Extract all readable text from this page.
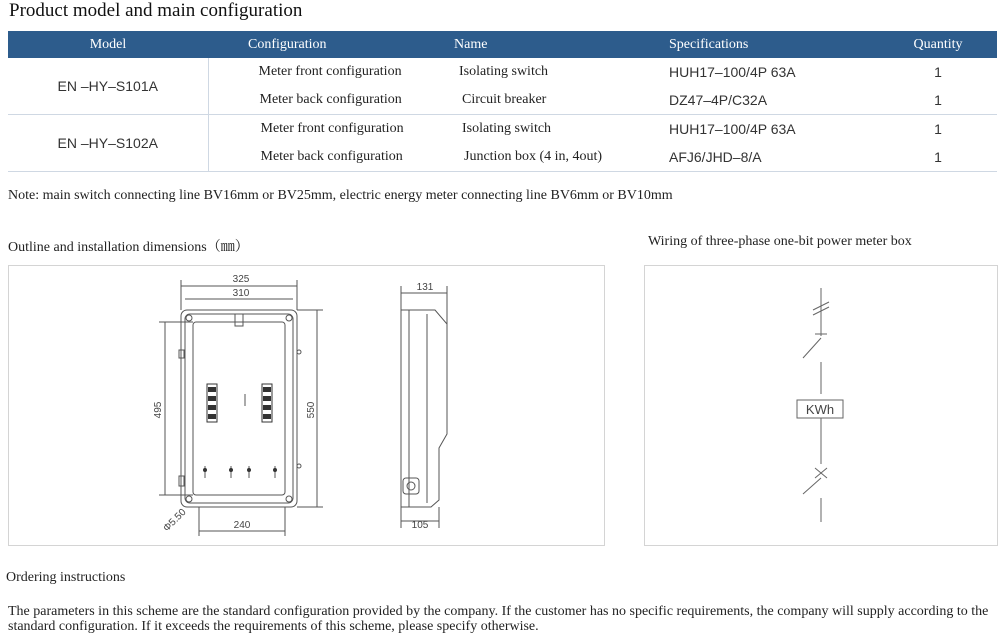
Product model and main configuration
Model	Configuration	Name	Specifications	Quantity
EN –HY–S101A	Meter front configuration	Isolating switch	HUH17–100/4P 63A	1
	Meter back configuration	Circuit breaker	DZ47–4P/C32A	1
EN –HY–S102A	Meter front configuration	Isolating switch	HUH17–100/4P 63A	1
	Meter back configuration	Junction box (4 in, 4out)	AFJ6/JHD–8/A	1
Note: main switch connecting line BV16mm or BV25mm, electric energy meter connecting line BV6mm or BV10mm
Outline and installation dimensions（㎜）	Wiring of three-phase one-bit power meter box
325
310
495	550
240
Φ5.50
131
105
KWh
Ordering instructions
The parameters in this scheme are the standard configuration provided by the company. If the customer has no specific requirements, the company will supply according to the standard configuration. If it exceeds the requirements of this scheme, please specify otherwise.
